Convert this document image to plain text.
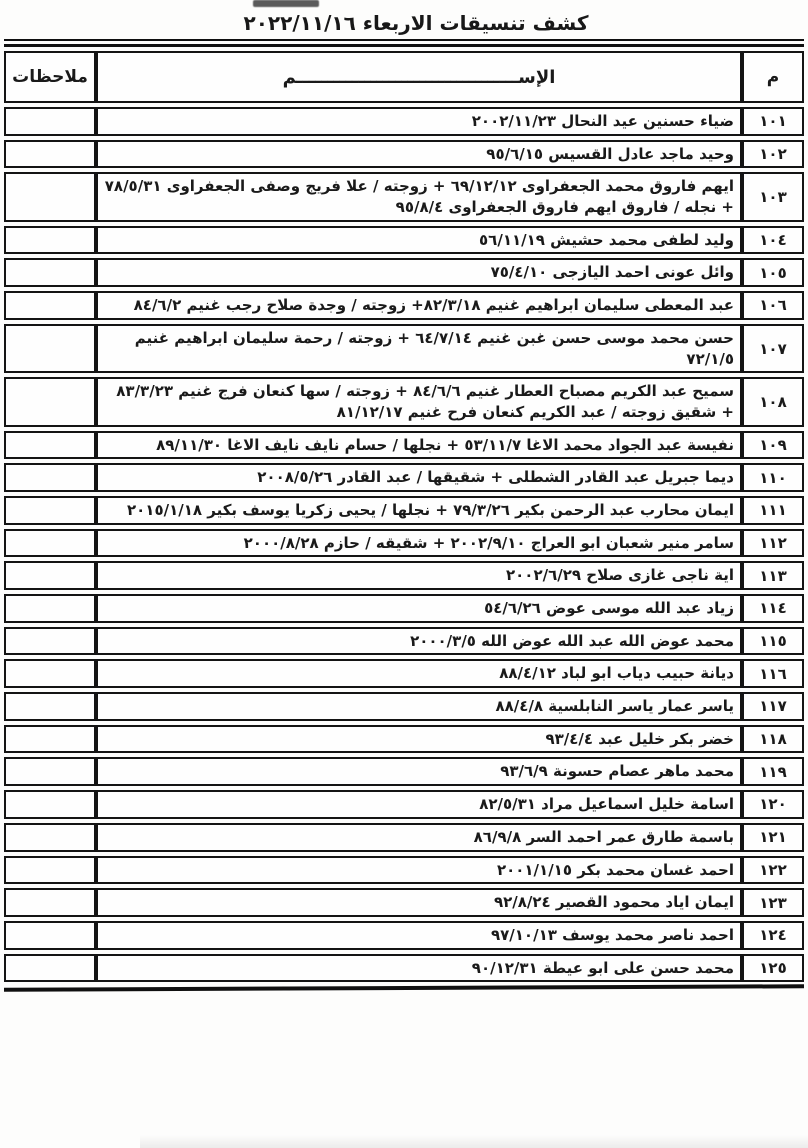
كشف تنسيقات الاربعاء ٢٠٢٢/١١/١٦
م	الإســــــــــــــــــــــــــــــــــــم	ملاحظات
١٠١	ضياء حسنين عيد النحال ٢٠٠٢/١١/٢٣	
١٠٢	وحيد ماجد عادل القسيس ٩٥/٦/١٥	
١٠٣	ايهم فاروق محمد الجعفراوى ٦٩/١٢/١٢ + زوجته / علا فريج وصفى الجعفراوى ٧٨/٥/٣١ + نجله / فاروق ايهم فاروق الجعفراوى ٩٥/٨/٤	
١٠٤	وليد لطفى محمد حشيش ٥٦/١١/١٩	
١٠٥	وائل عونى احمد اليازجى ٧٥/٤/١٠	
١٠٦	عبد المعطى سليمان ابراهيم غنيم ٨٢/٣/١٨+ زوجته / وجدة صلاح رجب غنيم ٨٤/٦/٢	
١٠٧	حسن محمد موسى حسن غبن غنيم ٦٤/٧/١٤ + زوجته / رحمة سليمان ابراهيم غنيم ٧٢/١/٥	
١٠٨	سميح عبد الكريم مصباح العطار غنيم ٨٤/٦/٦ + زوجته / سها كنعان فرج غنيم ٨٣/٣/٢٣ + شقيق زوجته / عبد الكريم كنعان فرح غنيم ٨١/١٢/١٧	
١٠٩	نفيسة عبد الجواد محمد الاغا ٥٣/١١/٧ + نجلها / حسام نايف نايف الاغا ٨٩/١١/٣٠	
١١٠	ديما جبريل عبد القادر الشطلى + شقيقها / عبد القادر ٢٠٠٨/٥/٢٦	
١١١	ايمان محارب عبد الرحمن بكير ٧٩/٣/٢٦ + نجلها / يحيى زكريا يوسف بكير ٢٠١٥/١/١٨	
١١٢	سامر منير شعبان ابو العراج ٢٠٠٢/٩/١٠ + شقيقه / حازم ٢٠٠٠/٨/٢٨	
١١٣	اية ناجى غازى صلاح ٢٠٠٢/٦/٢٩	
١١٤	زياد عبد الله موسى عوض ٥٤/٦/٢٦	
١١٥	محمد عوض الله عبد الله عوض الله ٢٠٠٠/٣/٥	
١١٦	ديانة حبيب دياب ابو لباد ٨٨/٤/١٢	
١١٧	ياسر عمار ياسر النابلسية ٨٨/٤/٨	
١١٨	خضر بكر خليل عبد ٩٣/٤/٤	
١١٩	محمد ماهر عصام حسونة ٩٣/٦/٩	
١٢٠	اسامة خليل اسماعيل مراد ٨٢/٥/٣١	
١٢١	باسمة طارق عمر احمد السر ٨٦/٩/٨	
١٢٢	احمد غسان محمد بكر ٢٠٠١/١/١٥	
١٢٣	ايمان اياد محمود القصير ٩٢/٨/٢٤	
١٢٤	احمد ناصر محمد يوسف ٩٧/١٠/١٣	
١٢٥	محمد حسن على ابو عيطة ٩٠/١٢/٣١	
